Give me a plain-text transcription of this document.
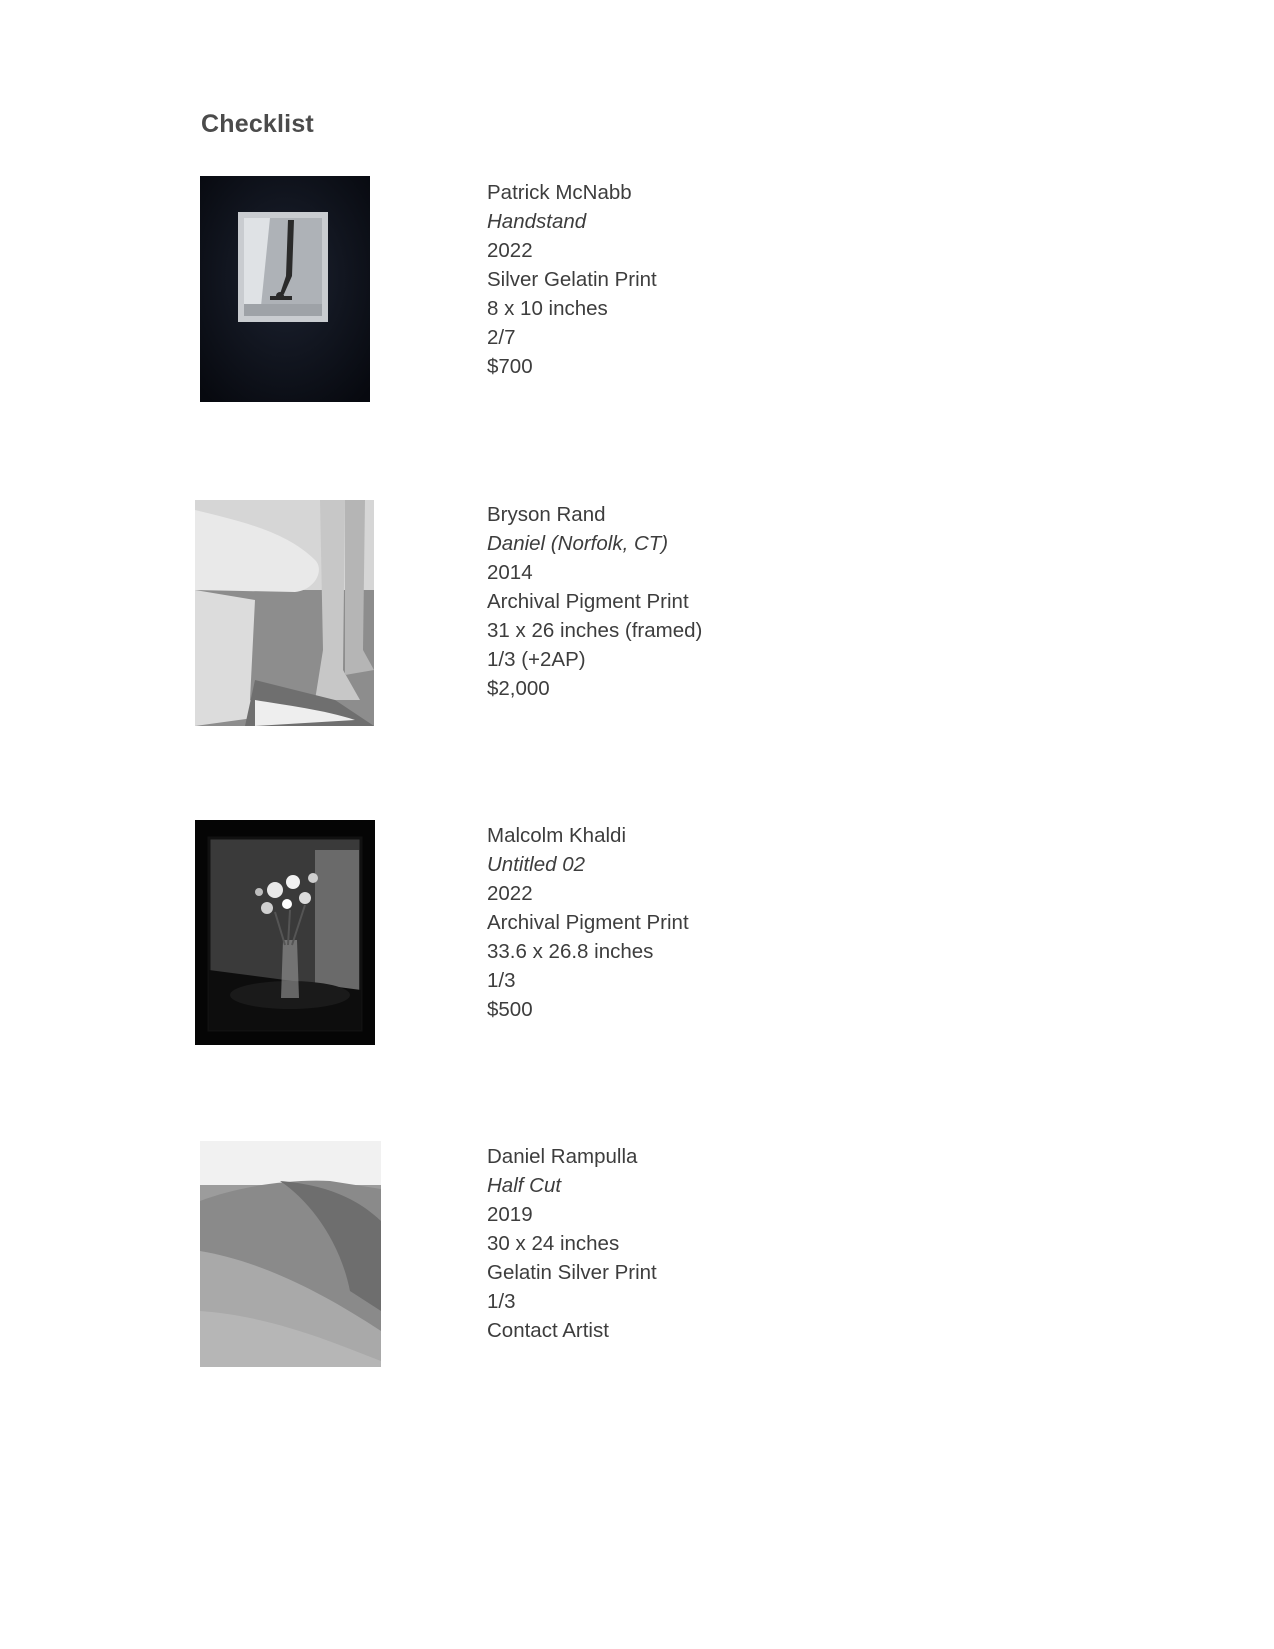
Checklist
Patrick McNabb
Handstand
2022
Silver Gelatin Print
8 x 10 inches
2/7
$700
Bryson Rand
Daniel (Norfolk, CT)
2014
Archival Pigment Print
31 x 26 inches (framed)
1/3 (+2AP)
$2,000
Malcolm Khaldi
Untitled 02
2022
Archival Pigment Print
33.6 x 26.8 inches
1/3
$500
Daniel Rampulla
Half Cut
2019
30 x 24 inches
Gelatin Silver Print
1/3
Contact Artist
